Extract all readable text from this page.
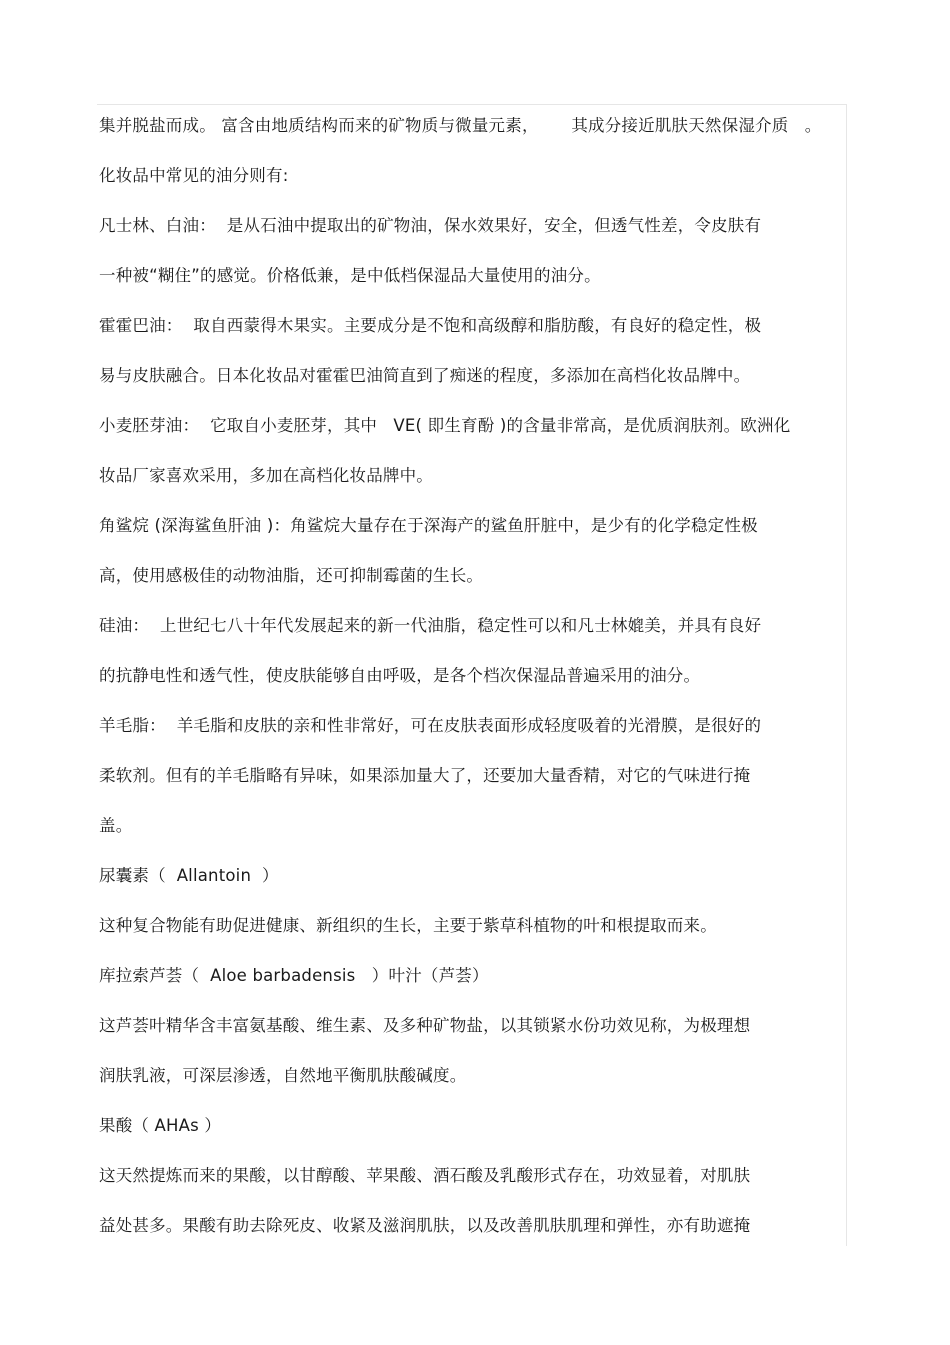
集并脱盐而成。 富含由地质结构而来的矿物质与微量元素，      其成分接近肌肤天然保湿介质   。
化妆品中常见的油分则有:
凡士林、白油：  是从石油中提取出的矿物油，保水效果好，安全，但透气性差，令皮肤有
一种被“糊住”的感觉。价格低兼，是中低档保湿品大量使用的油分。
霍霍巴油：  取自西蒙得木果实。主要成分是不饱和高级醇和脂肪酸，有良好的稳定性，极
易与皮肤融合。日本化妆品对霍霍巴油简直到了痴迷的程度，多添加在高档化妆品牌中。
小麦胚芽油：  它取自小麦胚芽，其中   VE( 即生育酚 )的含量非常高，是优质润肤剂。欧洲化
妆品厂家喜欢采用，多加在高档化妆品牌中。
角鲨烷 (深海鲨鱼肝油 )：角鲨烷大量存在于深海产的鲨鱼肝脏中，是少有的化学稳定性极
高，使用感极佳的动物油脂，还可抑制霉菌的生长。
硅油：  上世纪七八十年代发展起来的新一代油脂，稳定性可以和凡士林媲美，并具有良好
的抗静电性和透气性，使皮肤能够自由呼吸，是各个档次保湿品普遍采用的油分。
羊毛脂：  羊毛脂和皮肤的亲和性非常好，可在皮肤表面形成轻度吸着的光滑膜，是很好的
柔软剂。但有的羊毛脂略有异味，如果添加量大了，还要加大量香精，对它的气味进行掩
盖。
尿囊素（  Allantoin  ）
这种复合物能有助促进健康、新组织的生长，主要于紫草科植物的叶和根提取而来。
库拉索芦荟（  Aloe barbadensis   ）叶汁（芦荟）
这芦荟叶精华含丰富氨基酸、维生素、及多种矿物盐，以其锁紧水份功效见称，为极理想
润肤乳液，可深层渗透，自然地平衡肌肤酸碱度。
果酸（ AHAs ）
这天然提炼而来的果酸，以甘醇酸、苹果酸、酒石酸及乳酸形式存在，功效显着，对肌肤
益处甚多。果酸有助去除死皮、收紧及滋润肌肤，以及改善肌肤肌理和弹性，亦有助遮掩
